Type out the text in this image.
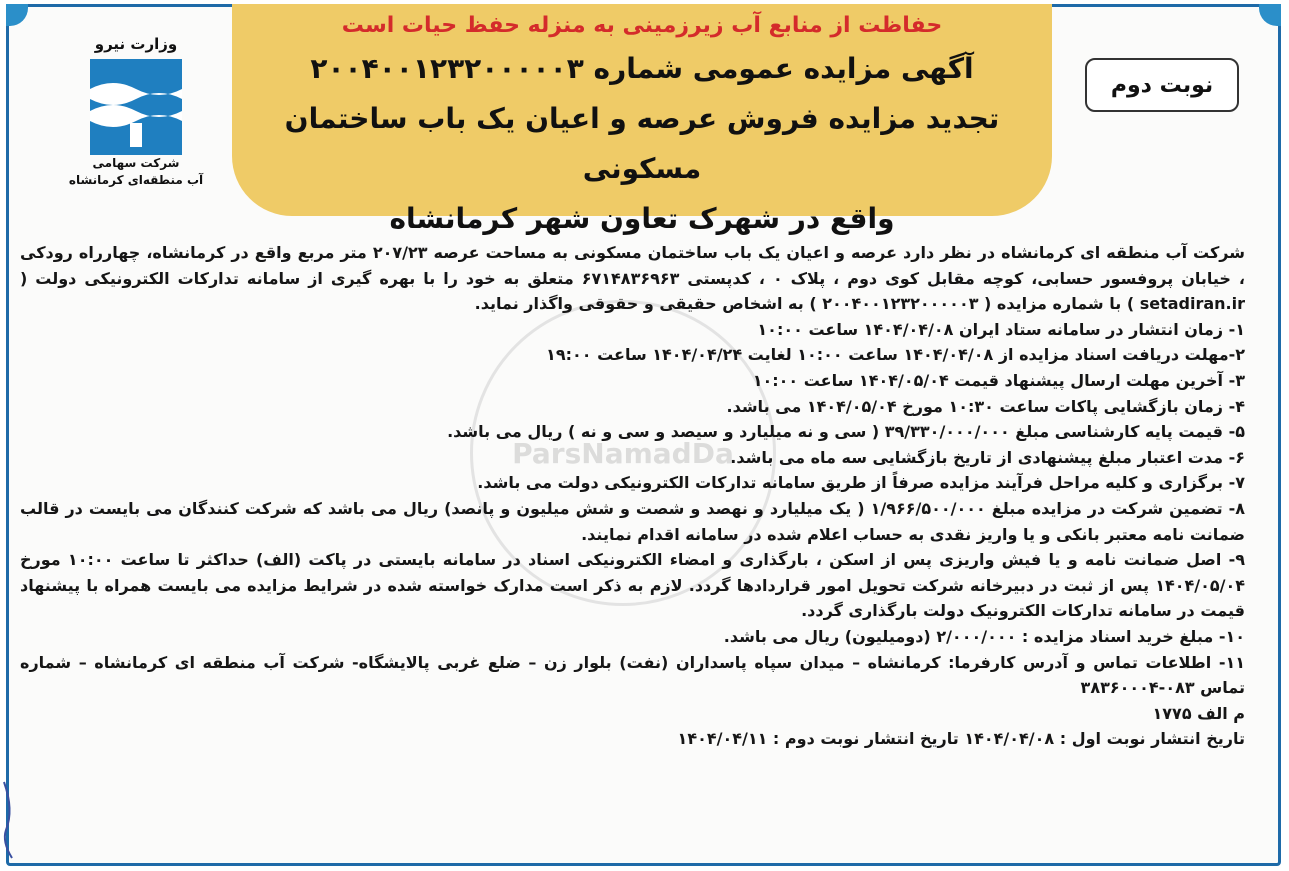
حفاظت از منابع آب زیرزمینی به منزله حفظ حیات است
آگهی مزایده عمومی شماره ۲۰۰۴۰۰۱۲۳۲۰۰۰۰۰۳
تجدید مزایده فروش عرصه و اعیان یک باب ساختمان مسکونی
واقع در شهرک تعاون شهر کرمانشاه
وزارت نیرو
شرکت سهامی
آب منطقه‌ای کرمانشاه
نوبت دوم
ParsNamadDa

شرکت آب منطقه ای کرمانشاه در نظر دارد عرصه و اعیان یک باب ساختمان مسکونی به مساحت عرصه ۲۰۷/۲۳ متر مربع واقع در کرمانشاه، چهارراه رودکی ، خیابان پروفسور حسابی، کوچه مقابل کوی دوم ، پلاک ۰ ، کدپستی ۶۷۱۴۸۳۶۹۶۳ متعلق به خود را با بهره گیری از سامانه تدارکات الکترونیکی دولت ( setadiran.ir ) با شماره مزایده ( ۲۰۰۴۰۰۱۲۳۲۰۰۰۰۰۳ ) به اشخاص حقیقی و حقوقی واگذار نماید.

۱- زمان انتشار در سامانه ستاد ایران ۱۴۰۴/۰۴/۰۸ ساعت ۱۰:۰۰

۲-مهلت دریافت اسناد مزایده از ۱۴۰۴/۰۴/۰۸ ساعت ۱۰:۰۰ لغایت ۱۴۰۴/۰۴/۲۴ ساعت ۱۹:۰۰

۳- آخرین مهلت ارسال پیشنهاد قیمت ۱۴۰۴/۰۵/۰۴ ساعت ۱۰:۰۰

۴- زمان بازگشایی پاکات ساعت ۱۰:۳۰ مورخ ۱۴۰۴/۰۵/۰۴ می باشد.

۵- قیمت پایه کارشناسی مبلغ ۳۹/۳۳۰/۰۰۰/۰۰۰ ( سی و نه میلیارد و سیصد و سی و نه ) ریال می باشد.

۶- مدت اعتبار مبلغ پیشنهادی از تاریخ بازگشایی سه ماه می باشد.

۷- برگزاری و کلیه مراحل فرآیند مزایده صرفاً از طریق سامانه تدارکات الکترونیکی دولت می باشد.

۸- تضمین شرکت در مزایده مبلغ ۱/۹۶۶/۵۰۰/۰۰۰ ( یک میلیارد و نهصد و شصت و شش میلیون و پانصد) ریال می باشد که شرکت کنندگان می بایست در قالب ضمانت نامه معتبر بانکی و یا واریز نقدی به حساب اعلام شده در سامانه اقدام نمایند.

۹- اصل ضمانت نامه و یا فیش واریزی پس از اسکن ، بارگذاری و امضاء الکترونیکی اسناد در سامانه بایستی در پاکت (الف) حداکثر تا ساعت ۱۰:۰۰ مورخ ۱۴۰۴/۰۵/۰۴ پس از ثبت در دبیرخانه شرکت تحویل امور قراردادها گردد. لازم به ذکر است مدارک خواسته شده در شرایط مزایده می بایست همراه با پیشنهاد قیمت در سامانه تدارکات الکترونیک دولت بارگذاری گردد.

۱۰- مبلغ خرید اسناد مزایده : ۲/۰۰۰/۰۰۰ (دومیلیون) ریال می باشد.

۱۱- اطلاعات تماس و آدرس کارفرما: کرمانشاه – میدان سپاه پاسداران (نفت) بلوار زن – ضلع غربی پالایشگاه- شرکت آب منطقه ای کرمانشاه – شماره تماس ۰۸۳-۳۸۳۶۰۰۰۴

م الف ۱۷۷۵

تاریخ انتشار نوبت اول : ۱۴۰۴/۰۴/۰۸ تاریخ انتشار نوبت دوم : ۱۴۰۴/۰۴/۱۱
